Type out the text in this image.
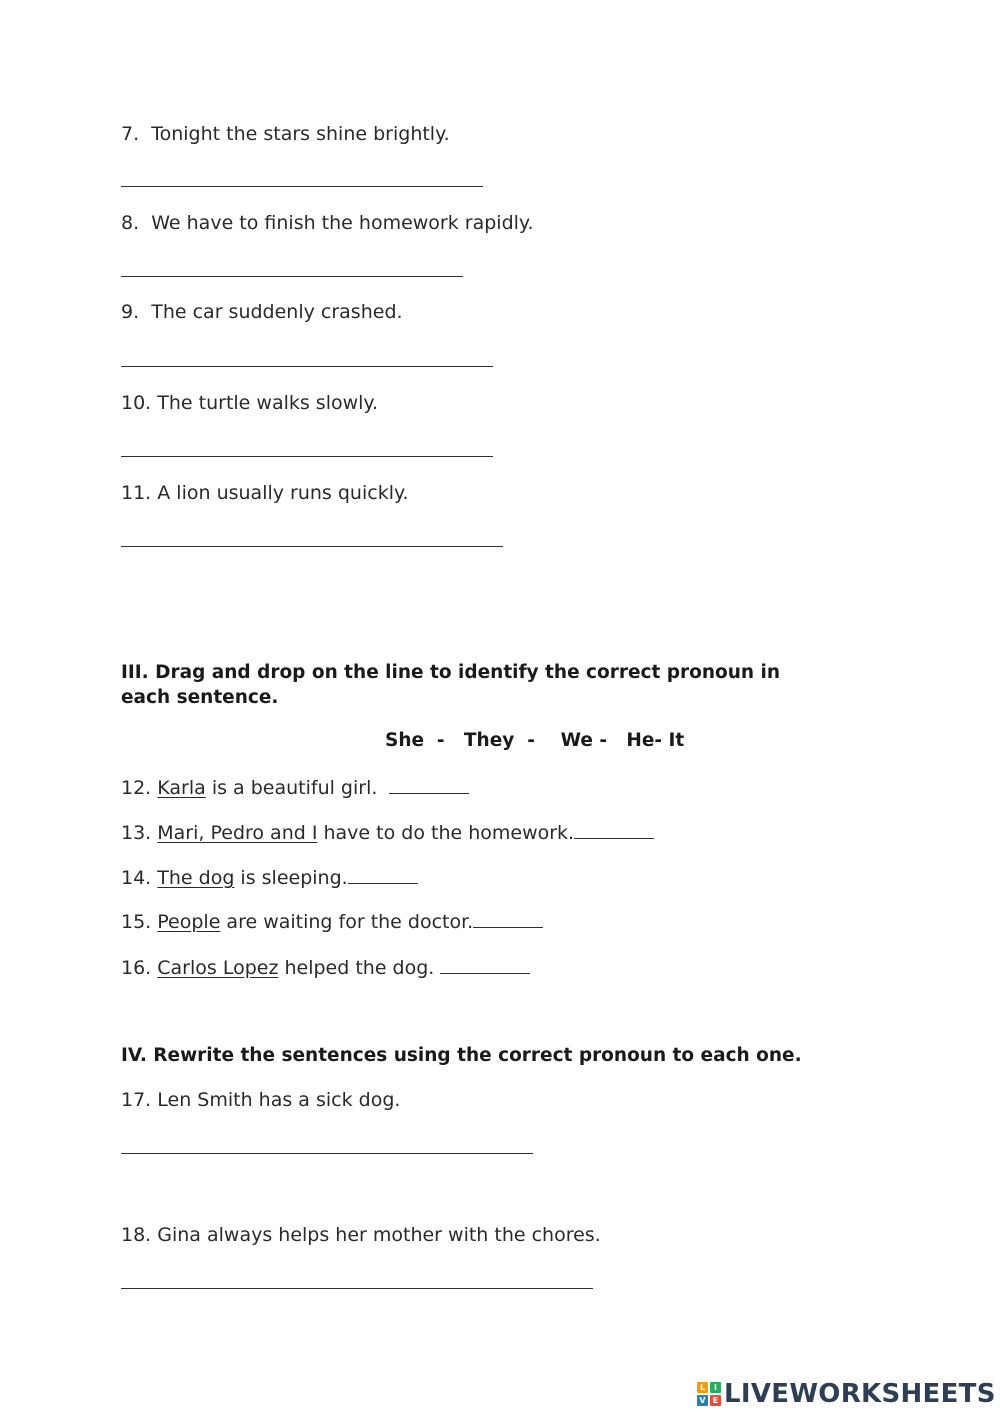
7. Tonight the stars shine brightly.
8. We have to finish the homework rapidly.
9. The car suddenly crashed.
10. The turtle walks slowly.
11. A lion usually runs quickly.
III. Drag and drop on the line to identify the correct pronoun in each sentence.
She  -   They  -    We -   He- It
12. Karla is a beautiful girl.
13. Mari, Pedro and I have to do the homework.
14. The dog is sleeping.
15. People are waiting for the doctor.
16. Carlos Lopez helped the dog.
IV. Rewrite the sentences using the correct pronoun to each one.
17. Len Smith has a sick dog.
18. Gina always helps her mother with the chores.
L	I
V E LIVEWORKSHEETS
